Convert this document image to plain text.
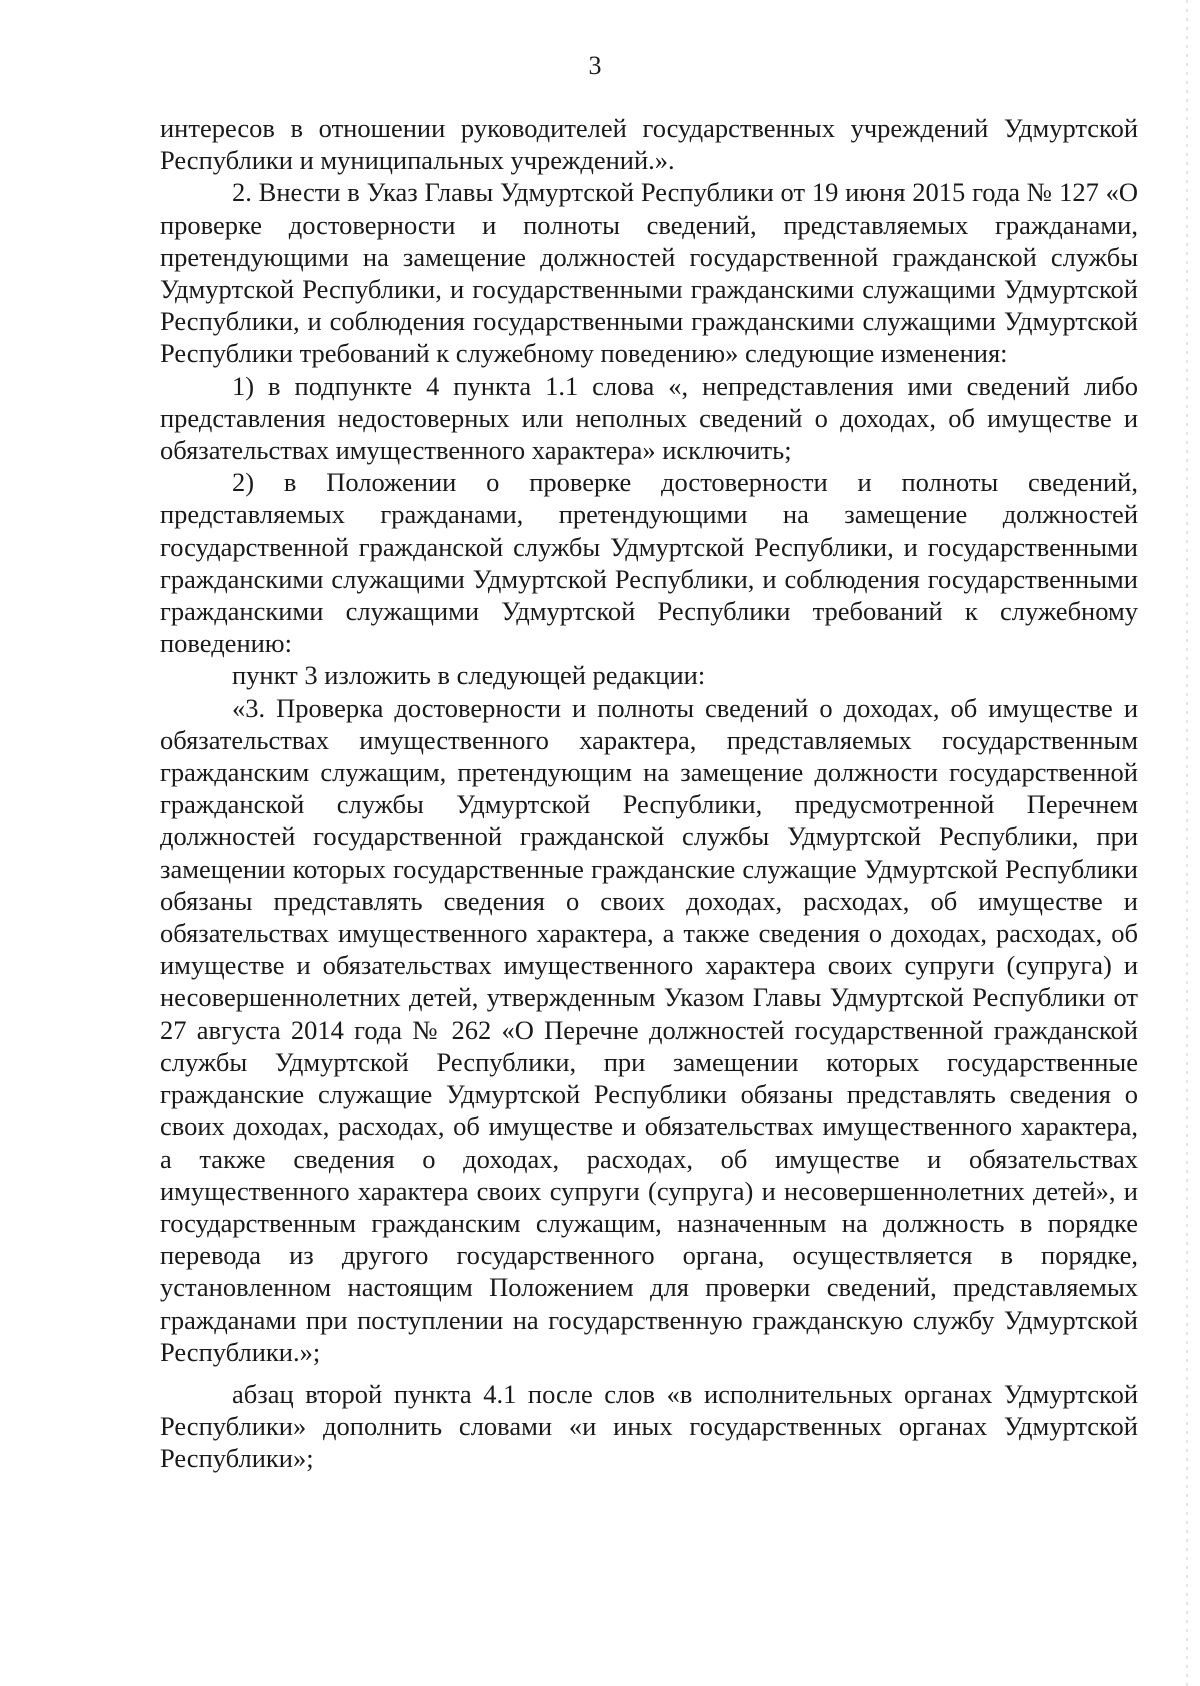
3

интересов в отношении руководителей государственных учреждений Удмуртской Республики и муниципальных учреждений.».

2. Внести в Указ Главы Удмуртской Республики от 19 июня 2015 года № 127 «О проверке достоверности и полноты сведений, представляемых гражданами, претендующими на замещение должностей государственной гражданской службы Удмуртской Республики, и государственными гражданскими служащими Удмуртской Республики, и соблюдения государственными гражданскими служащими Удмуртской Республики требований к служебному поведению» следующие изменения:

1) в подпункте 4 пункта 1.1 слова «, непредставления ими сведений либо представления недостоверных или неполных сведений о доходах, об имуществе и обязательствах имущественного характера» исключить;

2) в Положении о проверке достоверности и полноты сведений, представляемых гражданами, претендующими на замещение должностей государственной гражданской службы Удмуртской Республики, и государственными гражданскими служащими Удмуртской Республики, и соблюдения государственными гражданскими служащими Удмуртской Республики требований к служебному поведению:

пункт 3 изложить в следующей редакции:

«3. Проверка достоверности и полноты сведений о доходах, об имуществе и обязательствах имущественного характера, представляемых государственным гражданским служащим, претендующим на замещение должности государственной гражданской службы Удмуртской Республики, предусмотренной Перечнем должностей государственной гражданской службы Удмуртской Республики, при замещении которых государственные гражданские служащие Удмуртской Республики обязаны представлять сведения о своих доходах, расходах, об имуществе и обязательствах имущественного характера, а также сведения о доходах, расходах, об имуществе и обязательствах имущественного характера своих супруги (супруга) и несовершеннолетних детей, утвержденным Указом Главы Удмуртской Республики от 27 августа 2014 года № 262 «О Перечне должностей государственной гражданской службы Удмуртской Республики, при замещении которых государственные гражданские служащие Удмуртской Республики обязаны представлять сведения о своих доходах, расходах, об имуществе и обязательствах имущественного характера, а также сведения о доходах, расходах, об имуществе и обязательствах имущественного характера своих супруги (супруга) и несовершеннолетних детей», и государственным гражданским служащим, назначенным на должность в порядке перевода из другого государственного органа, осуществляется в порядке, установленном настоящим Положением для проверки сведений, представляемых гражданами при поступлении на государственную гражданскую службу Удмуртской Республики.»;

абзац второй пункта 4.1 после слов «в исполнительных органах Удмуртской Республики» дополнить словами «и иных государственных органах Удмуртской Республики»;
